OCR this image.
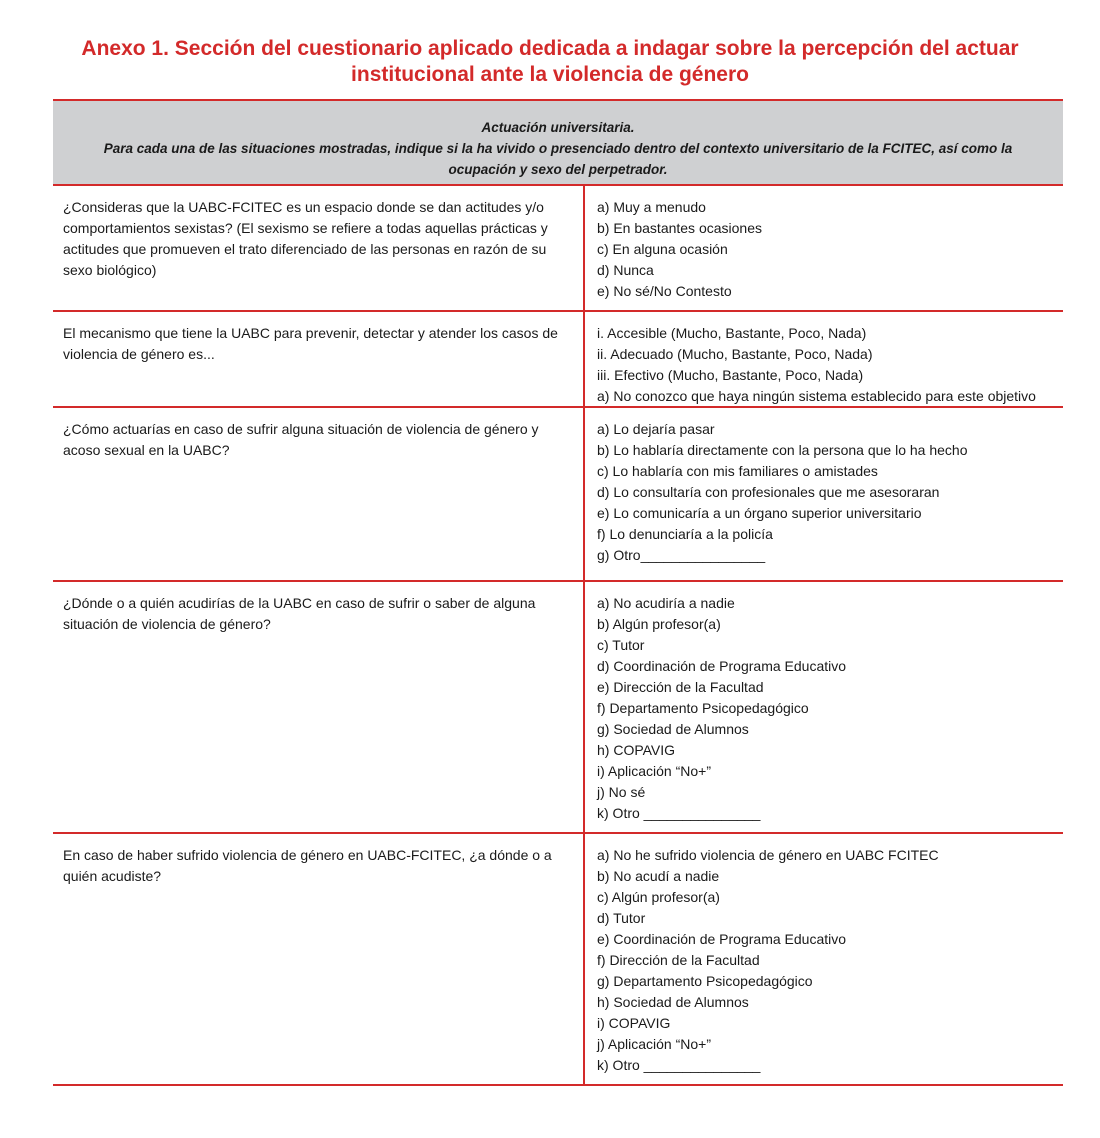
Anexo 1. Sección del cuestionario aplicado dedicada a indagar sobre la percepción del actuar
institucional ante la violencia de género
Actuación universitaria.
Para cada una de las situaciones mostradas, indique si la ha vivido o presenciado dentro del contexto universitario de la FCITEC, así como la
ocupación y sexo del perpetrador.
¿Consideras que la UABC-FCITEC es un espacio donde se dan actitudes y/o comportamientos sexistas? (El sexismo se refiere a todas aquellas prácticas y actitudes que promueven el trato diferenciado de las personas en razón de su sexo biológico)
a) Muy a menudo
b) En bastantes ocasiones
c) En alguna ocasión
d) Nunca
e) No sé/No Contesto
El mecanismo que tiene la UABC para prevenir, detectar y atender los casos de violencia de género es...
i. Accesible (Mucho, Bastante, Poco, Nada)
ii. Adecuado (Mucho, Bastante, Poco, Nada)
iii. Efectivo (Mucho, Bastante, Poco, Nada)
a) No conozco que haya ningún sistema establecido para este objetivo
¿Cómo actuarías en caso de sufrir alguna situación de violencia de género y acoso sexual en la UABC?
a) Lo dejaría pasar
b) Lo hablaría directamente con la persona que lo ha hecho
c) Lo hablaría con mis familiares o amistades
d) Lo consultaría con profesionales que me asesoraran
e) Lo comunicaría a un órgano superior universitario
f) Lo denunciaría a la policía
g) Otro________________
¿Dónde o a quién acudirías de la UABC en caso de sufrir o saber de alguna situación de violencia de género?
a) No acudiría a nadie
b) Algún profesor(a)
c) Tutor
d) Coordinación de Programa Educativo
e) Dirección de la Facultad
f) Departamento Psicopedagógico
g) Sociedad de Alumnos
h) COPAVIG
i) Aplicación “No+”
j) No sé
k) Otro _______________
En caso de haber sufrido violencia de género en UABC-FCITEC, ¿a dónde o a quién acudiste?
a) No he sufrido violencia de género en UABC FCITEC
b) No acudí a nadie
c) Algún profesor(a)
d) Tutor
e) Coordinación de Programa Educativo
f) Dirección de la Facultad
g) Departamento Psicopedagógico
h) Sociedad de Alumnos
i) COPAVIG
j) Aplicación “No+”
k) Otro _______________
